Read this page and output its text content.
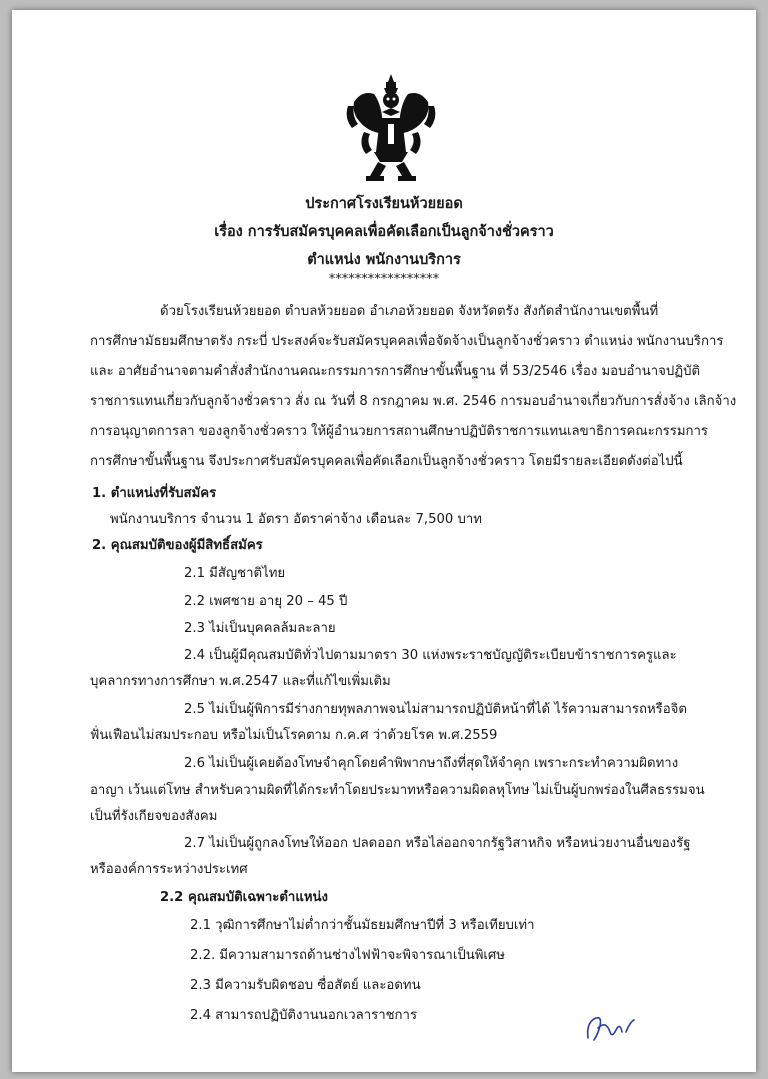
ประกาศโรงเรียนห้วยยอด
เรื่อง การรับสมัครบุคคลเพื่อคัดเลือกเป็นลูกจ้างชั่วคราว
ตำแหน่ง พนักงานบริการ
*****************
ด้วยโรงเรียนห้วยยอด ตำบลห้วยยอด อำเภอห้วยยอด จังหวัดตรัง สังกัดสำนักงานเขตพื้นที่
การศึกษามัธยมศึกษาตรัง กระบี่ ประสงค์จะรับสมัครบุคคลเพื่อจัดจ้างเป็นลูกจ้างชั่วคราว ตำแหน่ง พนักงานบริการ
และ อาศัยอำนาจตามคำสั่งสำนักงานคณะกรรมการการศึกษาขั้นพื้นฐาน ที่ 53/2546 เรื่อง มอบอำนาจปฏิบัติ
ราชการแทนเกี่ยวกับลูกจ้างชั่วคราว สั่ง ณ วันที่ 8 กรกฎาคม พ.ศ. 2546 การมอบอำนาจเกี่ยวกับการสั่งจ้าง เลิกจ้าง
การอนุญาตการลา ของลูกจ้างชั่วคราว ให้ผู้อำนวยการสถานศึกษาปฏิบัติราชการแทนเลขาธิการคณะกรรมการ
การศึกษาขั้นพื้นฐาน จึงประกาศรับสมัครบุคคลเพื่อคัดเลือกเป็นลูกจ้างชั่วคราว โดยมีรายละเอียดดังต่อไปนี้
1. ตำแหน่งที่รับสมัคร
พนักงานบริการ จำนวน 1 อัตรา อัตราค่าจ้าง เดือนละ 7,500 บาท
2. คุณสมบัติของผู้มีสิทธิ์สมัคร
2.1 มีสัญชาติไทย
2.2 เพศชาย อายุ 20 – 45 ปี
2.3 ไม่เป็นบุคคลล้มละลาย
2.4 เป็นผู้มีคุณสมบัติทั่วไปตามมาตรา 30 แห่งพระราชบัญญัติระเบียบข้าราชการครูและ
บุคลากรทางการศึกษา พ.ศ.2547 และที่แก้ไขเพิ่มเติม
2.5 ไม่เป็นผู้พิการมีร่างกายทุพลภาพจนไม่สามารถปฏิบัติหน้าที่ได้ ไร้ความสามารถหรือจิต
ฟั่นเฟือนไม่สมประกอบ หรือไม่เป็นโรคตาม ก.ค.ศ ว่าด้วยโรค พ.ศ.2559
2.6 ไม่เป็นผู้เคยต้องโทษจำคุกโดยคำพิพากษาถึงที่สุดให้จำคุก เพราะกระทำความผิดทาง
อาญา เว้นแต่โทษ สำหรับความผิดที่ได้กระทำโดยประมาทหรือความผิดลหุโทษ ไม่เป็นผู้บกพร่องในศีลธรรมจน
เป็นที่รังเกียจของสังคม
2.7 ไม่เป็นผู้ถูกลงโทษให้ออก ปลดออก หรือไล่ออกจากรัฐวิสาหกิจ หรือหน่วยงานอื่นของรัฐ
หรือองค์การระหว่างประเทศ
2.2 คุณสมบัติเฉพาะตำแหน่ง
2.1 วุฒิการศึกษาไม่ต่ำกว่าชั้นมัธยมศึกษาปีที่ 3 หรือเทียบเท่า
2.2. มีความสามารถด้านช่างไฟฟ้าจะพิจารณาเป็นพิเศษ
2.3 มีความรับผิดชอบ ซื่อสัตย์ และอดทน
2.4 สามารถปฏิบัติงานนอกเวลาราชการ
